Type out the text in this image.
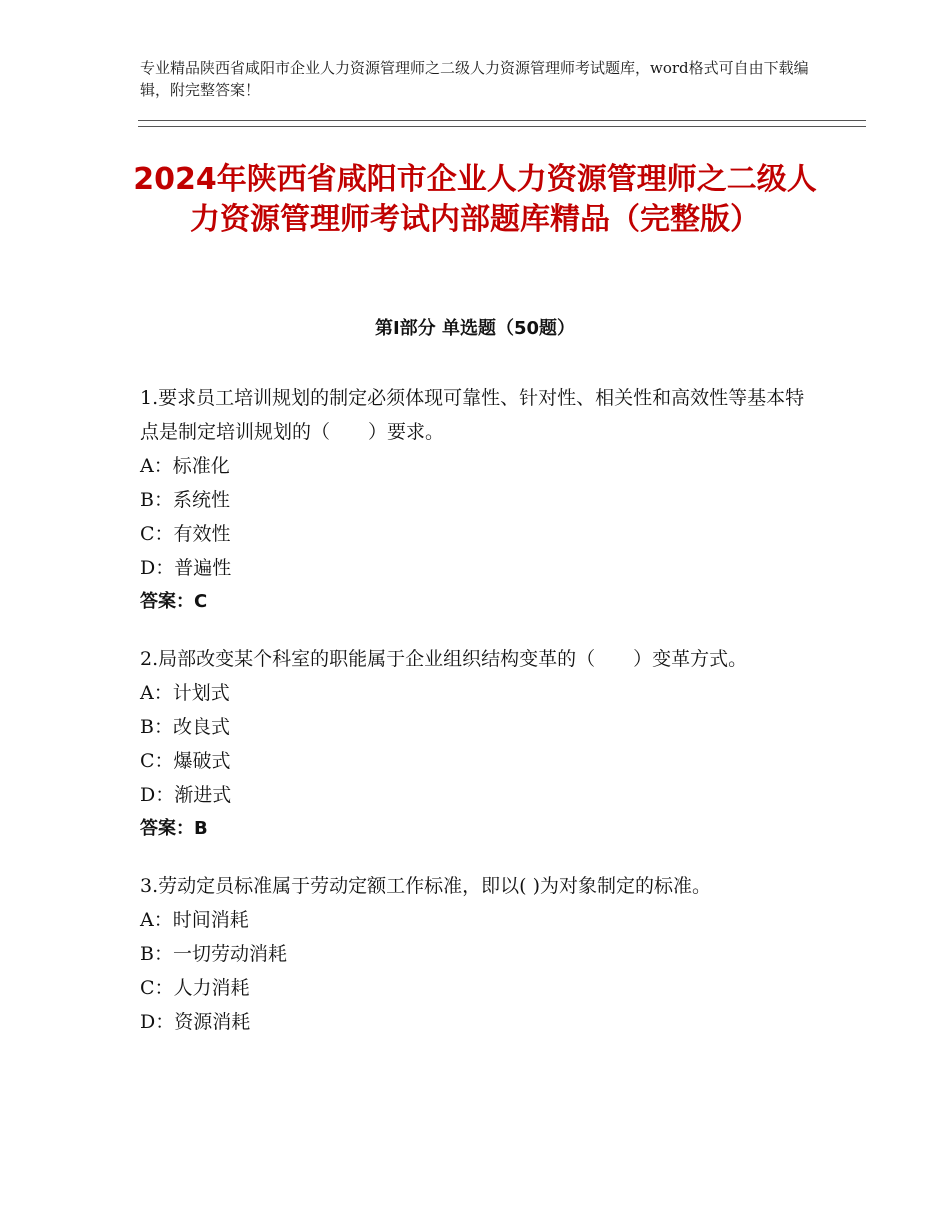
专业精品陕西省咸阳市企业人力资源管理师之二级人力资源管理师考试题库，word格式可自由下载编辑，附完整答案！
2024年陕西省咸阳市企业人力资源管理师之二级人力资源管理师考试内部题库精品（完整版）
第Ⅰ部分 单选题（50题）

1.要求员工培训规划的制定必须体现可靠性、针对性、相关性和高效性等基本特点是制定培训规划的（　　）要求。

A：标准化

B：系统性

C：有效性

D：普遍性

答案：C

2.局部改变某个科室的职能属于企业组织结构变革的（　　）变革方式。

A：计划式

B：改良式

C：爆破式

D：渐进式

答案：B

3.劳动定员标准属于劳动定额工作标准，即以( )为对象制定的标准。

A：时间消耗

B：一切劳动消耗

C：人力消耗

D：资源消耗
